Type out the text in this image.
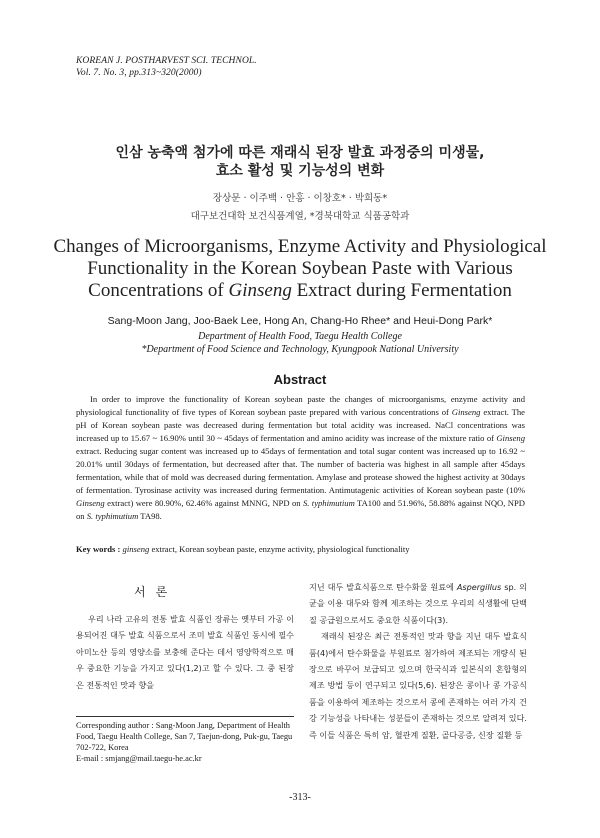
KOREAN J. POSTHARVEST SCI. TECHNOL.
Vol. 7. No. 3, pp.313~320(2000)
인삼 농축액 첨가에 따른 재래식 된장 발효 과정중의 미생물,
효소 활성 및 기능성의 변화
장상문 · 이주백 · 안홍 · 이창호* · 박희동*
대구보건대학 보건식품계열, *경북대학교 식품공학과
Changes of Microorganisms, Enzyme Activity and Physiological
Functionality in the Korean Soybean Paste with Various
Concentrations of Ginseng Extract during Fermentation
Sang-Moon Jang, Joo-Baek Lee, Hong An, Chang-Ho Rhee* and Heui-Dong Park*
Department of Health Food, Taegu Health College
*Department of Food Science and Technology, Kyungpook National University
Abstract
In order to improve the functionality of Korean soybean paste the changes of microorganisms, enzyme activity and physiological functionality of five types of Korean soybean paste prepared with various concentrations of Ginseng extract. The pH of Korean soybean paste was decreased during fermentation but total acidity was increased. NaCl concentrations was increased up to 15.67 ~ 16.90% until 30 ~ 45days of fermentation and amino acidity was increase of the mixture ratio of Ginseng extract. Reducing sugar content was increased up to 45days of fermentation and total sugar content was increased up to 16.92 ~ 20.01% until 30days of fermentation, but decreased after that. The number of bacteria was highest in all sample after 45days fermentation, while that of mold was decreased during fermentation. Amylase and protease showed the highest activity at 30days of fermentation. Tyrosinase activity was increased during fermentation. Antimutagenic activities of Korean soybean paste (10% Ginseng extract) were 80.90%, 62.46% against MNNG, NPD on S. typhimutium TA100 and 51.96%, 58.88% against NQO, NPD on S. typhimutium TA98.
Key words : ginseng extract, Korean soybean paste, enzyme activity, physiological functionality
서론
우리 나라 고유의 전통 발효 식품인 장류는 옛부터 가공 이용되어진 대두 발효 식품으로서 조미 발효 식품인 동시에 필수 아미노산 등의 영양소를 보충해 준다는 데서 영양학적으로 매우 중요한 기능을 가지고 있다(1,2)고 할 수 있다. 그 중 된장은 전통적인 맛과 향을
지닌 대두 발효식품으로 탄수화물 원료에 Aspergillus sp. 의 균을 이용 대두와 함께 제조하는 것으로 우리의 식생활에 단백질 공급원으로서도 중요한 식품이다(3).
재래식 된장은 최근 전통적인 맛과 향을 지닌 대두 발효식품(4)에서 탄수화물을 부원료로 첨가하여 제조되는 개량식 된장으로 바꾸어 보급되고 있으며 한국식과 일본식의 혼합형의 제조 방법 등이 연구되고 있다(5,6). 된장은 콩이나 콩 가공식품을 이용하여 제조하는 것으로서 콩에 존재하는 여러 가지 건강 기능성을 나타내는 성분들이 존재하는 것으로 알려져 있다. 즉 이들 식품은 특히 암, 혈관계 질환, 골다공증, 신장 질환 등
Corresponding author : Sang-Moon Jang, Department of Health Food, Taegu Health College, San 7, Taejun-dong, Puk-gu, Taegu 702-722, Korea
E-mail : smjang@mail.taegu-he.ac.kr
-313-
